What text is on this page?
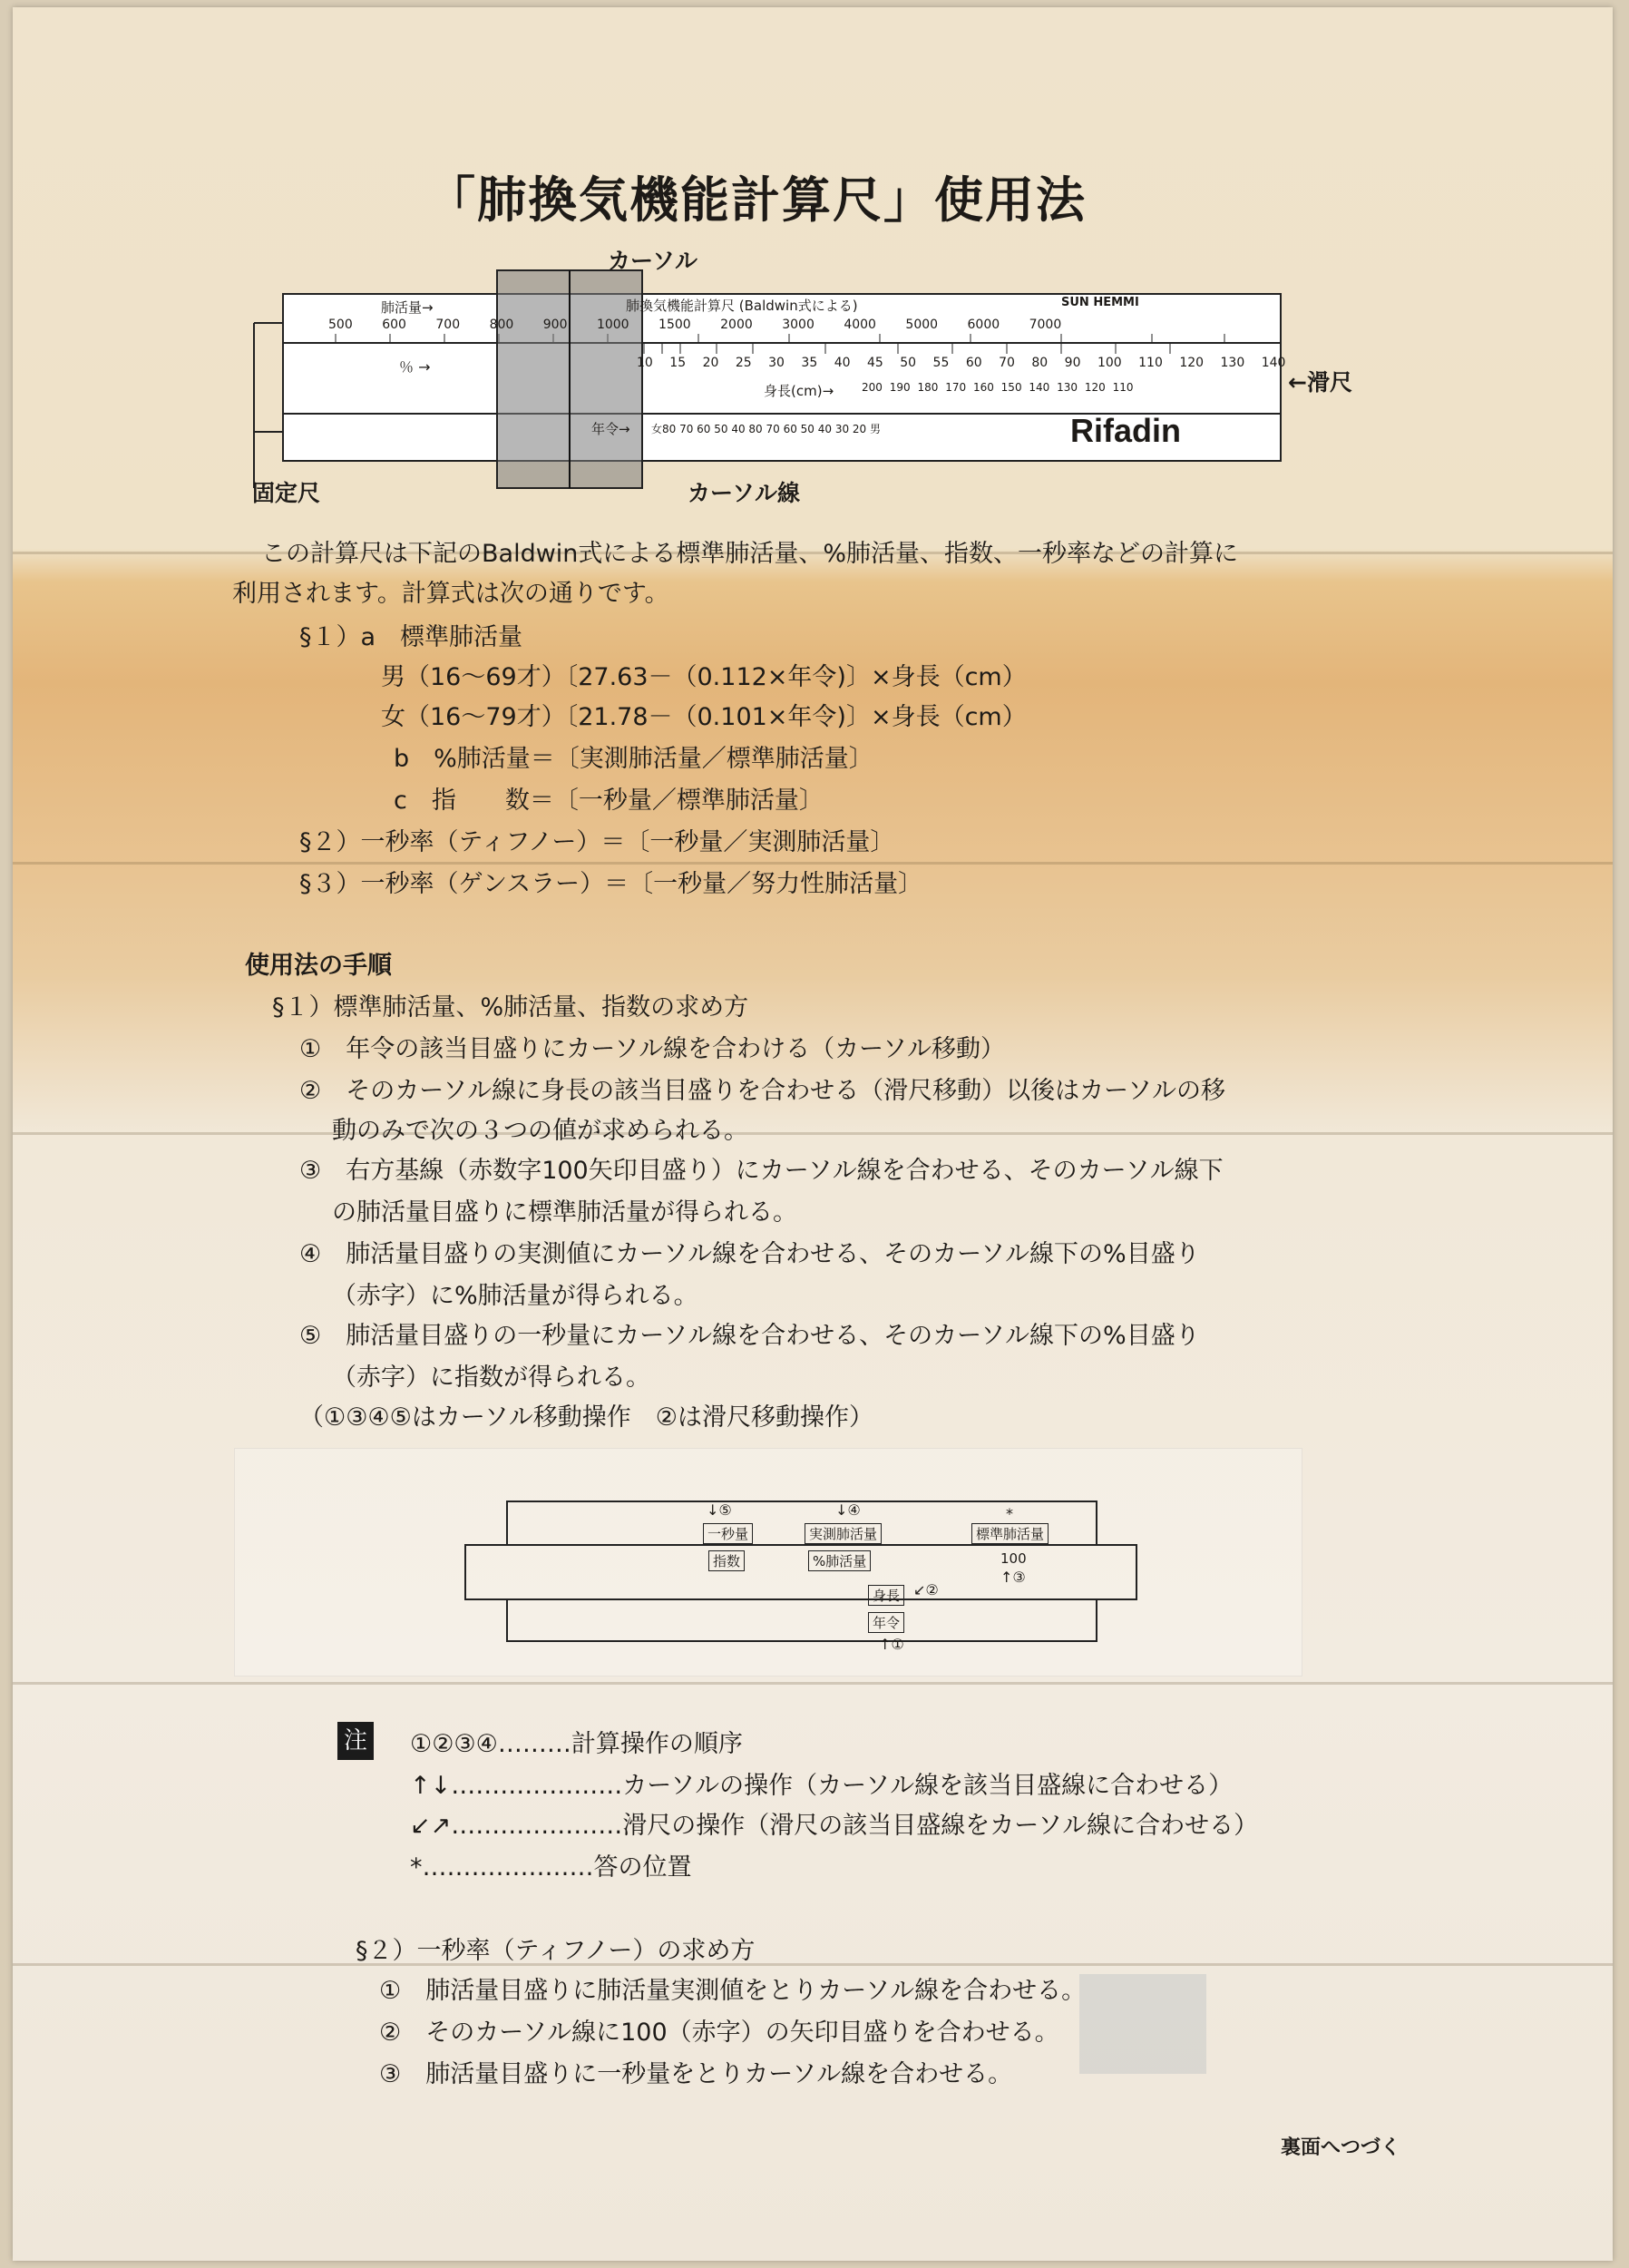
「肺換気機能計算尺」使用法
カーソル
←滑尺
固定尺	カーソル線
肺換気機能計算尺 (Baldwin式による)
肺活量→
％ →
身長(cm)→
年令→
SUN HEMMI
Rifadin
500 600 700 800 900 1000 1500 2000 3000 4000 5000 6000 7000
10 15 20 25 30 35 40 45 50 55 60 70 80 90 100 110 120 130 140
200 190 180 170 160 150 140 130 120 110
女80 70 60 50 40 80 70 60 50 40 30 20 男
この計算尺は下記のBaldwin式による標準肺活量、%肺活量、指数、一秒率などの計算に
利用されます。計算式は次の通りです。
§１）a　標準肺活量
男（16～69才）〔27.63－（0.112×年令)〕×身長（cm）
女（16～79才）〔21.78－（0.101×年令)〕×身長（cm）
b　%肺活量＝〔実測肺活量／標準肺活量〕
c　指　　数＝〔一秒量／標準肺活量〕
§２）一秒率（ティフノー）＝〔一秒量／実測肺活量〕
§３）一秒率（ゲンスラー）＝〔一秒量／努力性肺活量〕
使用法の手順
§１）標準肺活量、%肺活量、指数の求め方
①　年令の該当目盛りにカーソル線を合わける（カーソル移動）
②　そのカーソル線に身長の該当目盛りを合わせる（滑尺移動）以後はカーソルの移
動のみで次の３つの値が求められる。
③　右方基線（赤数字100矢印目盛り）にカーソル線を合わせる、そのカーソル線下
の肺活量目盛りに標準肺活量が得られる。
④　肺活量目盛りの実測値にカーソル線を合わせる、そのカーソル線下の%目盛り
（赤字）に%肺活量が得られる。
⑤　肺活量目盛りの一秒量にカーソル線を合わせる、そのカーソル線下の%目盛り
（赤字）に指数が得られる。
（①③④⑤はカーソル移動操作　②は滑尺移動操作）
↓⑤	↓④	*
一秒量	実測肺活量	標準肺活量
指数	%肺活量	100
↑③
↙②
身長
年令
↑①
注 ①②③④………計算操作の順序
↑↓…………………カーソルの操作（カーソル線を該当目盛線に合わせる）
↙↗…………………滑尺の操作（滑尺の該当目盛線をカーソル線に合わせる）
*…………………答の位置
§２）一秒率（ティフノー）の求め方
①　肺活量目盛りに肺活量実測値をとりカーソル線を合わせる。
②　そのカーソル線に100（赤字）の矢印目盛りを合わせる。
③　肺活量目盛りに一秒量をとりカーソル線を合わせる。
裏面へつづく
